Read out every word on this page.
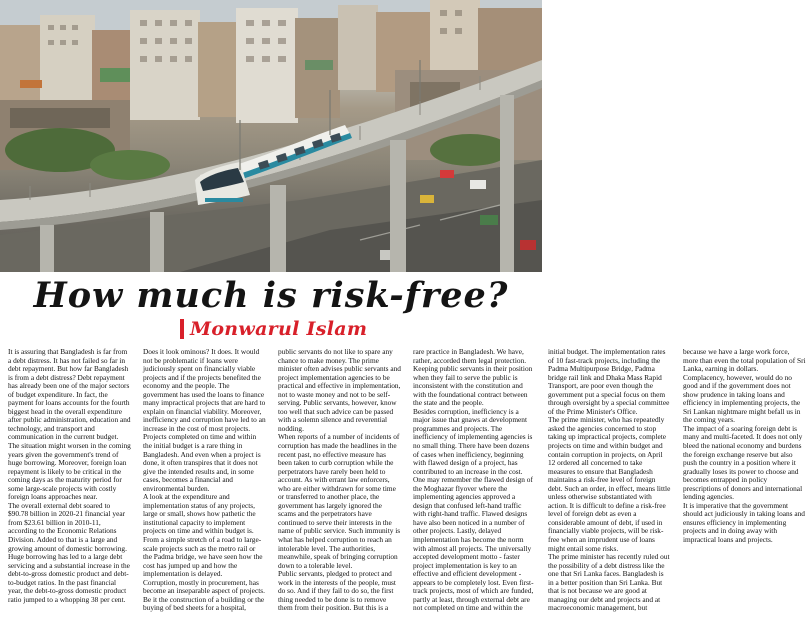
How much is risk-free?
Monwarul Islam

It is assuring that Bangladesh is far from a debt distress. It has not failed so far in debt repayment. But how far Bangladesh is from a debt distress? Debt repayment has already been one of the major sectors of budget expenditure. In fact, the payment for loans accounts for the fourth biggest head in the overall expenditure after public administration, education and technology, and transport and communication in the current budget. The situation might worsen in the coming years given the government's trend of huge borrowing. Moreover, foreign loan repayment is likely to be critical in the coming days as the maturity period for some large-scale projects with costly foreign loans approaches near.

The overall external debt soared to $90.78 billion in 2020-21 financial year from $23.61 billion in 2010-11, according to the Economic Relations Division. Added to that is a large and growing amount of domestic borrowing.

Huge borrowing has led to a large debt servicing and a substantial increase in the debt-to-gross domestic product and debt-to-budget ratios. In the past financial year, the debt-to-gross domestic product ratio jumped to a whopping 38 per cent.

Does it look ominous? It does. It would not be problematic if loans were judiciously spent on financially viable projects and if the projects benefited the economy and the people. The government has used the loans to finance many impractical projects that are hard to explain on financial viability. Moreover, inefficiency and corruption have led to an increase in the cost of most projects. Projects completed on time and within the initial budget is a rare thing in Bangladesh. And even when a project is done, it often transpires that it does not give the intended results and, in some cases, becomes a financial and environmental burden.

A look at the expenditure and implementation status of any projects, large or small, shows how pathetic the institutional capacity to implement projects on time and within budget is. From a simple stretch of a road to large-scale projects such as the metro rail or the Padma bridge, we have seen how the cost has jumped up and how the implementation is delayed.

Corruption, mostly in procurement, has become an inseparable aspect of projects. Be it the construction of a building or the buying of bed sheets for a hospital, public servants do not like to spare any chance to make money. The prime minister often advises public servants and project implementation agencies to be practical and effective in implementation, not to waste money and not to be self-serving. Public servants, however, know too well that such advice can be passed with a solemn silence and reverential nodding.

When reports of a number of incidents of corruption has made the headlines in the recent past, no effective measure has been taken to curb corruption while the perpetrators have rarely been held to account. As with errant law enforcers, who are either withdrawn for some time or transferred to another place, the government has largely ignored the scams and the perpetrators have continued to serve their interests in the name of public service. Such immunity is what has helped corruption to reach an intolerable level. The authorities, meanwhile, speak of bringing corruption down to a tolerable level.

Public servants, pledged to protect and work in the interests of the people, must do so. And if they fail to do so, the first thing needed to be done is to remove them from their position. But this is a rare practice in Bangladesh. We have, rather, accorded them legal protection. Keeping public servants in their position when they fail to serve the public is inconsistent with the constitution and with the foundational contract between the state and the people.

Besides corruption, inefficiency is a major issue that gnaws at development programmes and projects. The inefficiency of implementing agencies is no small thing. There have been dozens of cases when inefficiency, beginning with flawed design of a project, has contributed to an increase in the cost. One may remember the flawed design of the Moghazar flyover where the implementing agencies approved a design that confused left-hand traffic with right-hand traffic. Flawed designs have also been noticed in a number of other projects. Lastly, delayed implementation has become the norm with almost all projects. The universally accepted development motto - faster project implementation is key to an effective and efficient development - appears to be completely lost. Even first-track projects, most of which are funded, partly at least, through external debt are not completed on time and within the initial budget. The implementation rates of 10 fast-track projects, including the Padma Multipurpose Bridge, Padma bridge rail link and Dhaka Mass Rapid Transport, are poor even though the government put a special focus on them through oversight by a special committee of the Prime Minister's Office.

The prime minister, who has repeatedly asked the agencies concerned to stop taking up impractical projects, complete projects on time and within budget and contain corruption in projects, on April 12 ordered all concerned to take measures to ensure that Bangladesh maintains a risk-free level of foreign debt. Such an order, in effect, means little unless otherwise substantiated with action. It is difficult to define a risk-free level of foreign debt as even a considerable amount of debt, if used in financially viable projects, will be risk-free when an imprudent use of loans might entail some risks.

The prime minister has recently ruled out the possibility of a debt distress like the one that Sri Lanka faces. Bangladesh is in a better position than Sri Lanka. But that is not because we are good at managing our debt and projects and at macroeconomic management, but because we have a large work force, more than even the total population of Sri Lanka, earning in dollars.

Complacency, however, would do no good and if the government does not show prudence in taking loans and efficiency in implementing projects, the Sri Lankan nightmare might befall us in the coming years.

The impact of a soaring foreign debt is many and multi-faceted. It does not only bleed the national economy and burdens the foreign exchange reserve but also push the country in a position where it gradually loses its power to choose and becomes entrapped in policy prescriptions of donors and international lending agencies.

It is imperative that the government should act judiciously in taking loans and ensures efficiency in implementing projects and in doing away with impractical loans and projects.
